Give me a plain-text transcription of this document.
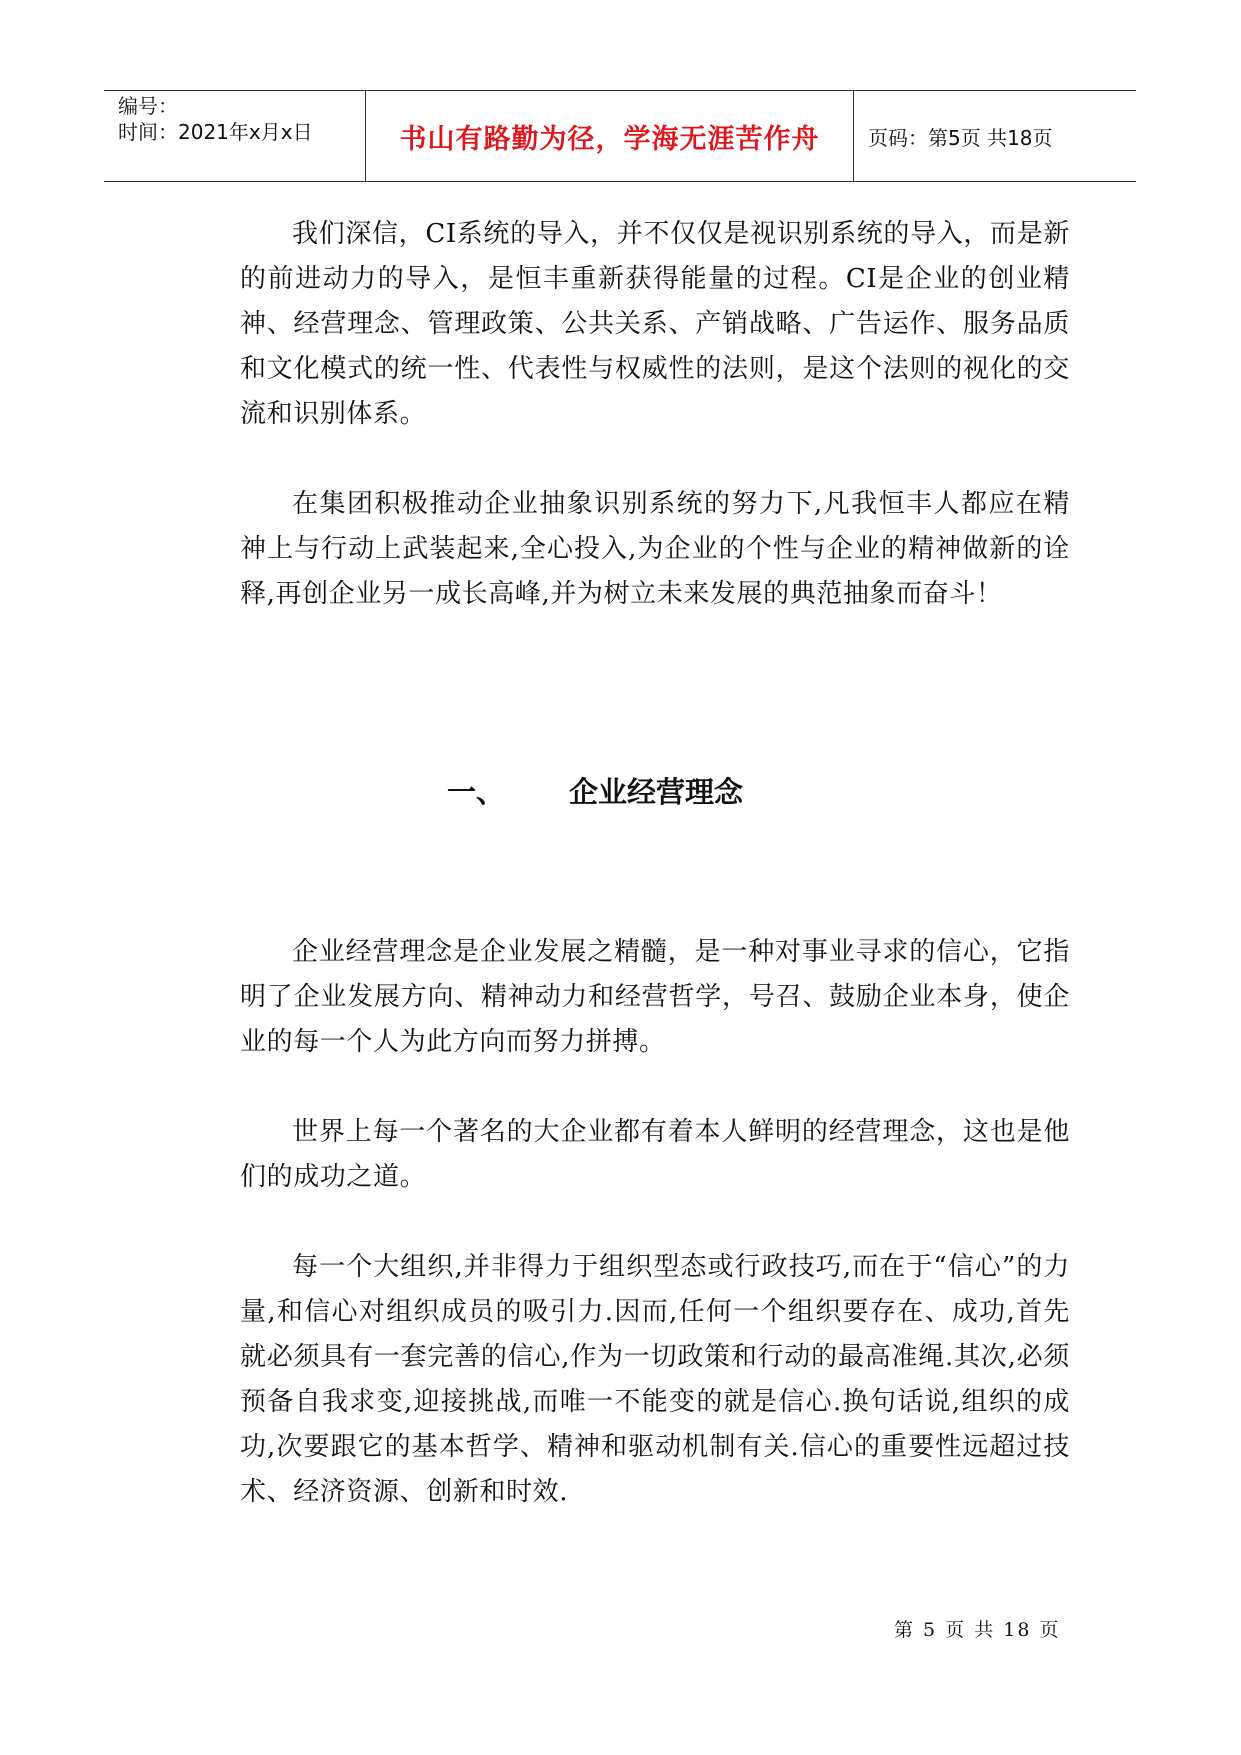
编号：
时间：2021年x月x日	书山有路勤为径，学海无涯苦作舟	页码：第5页 共18页

我们深信，CI系统的导入，并不仅仅是视识别系统的导入，而是新的前进动力的导入，是恒丰重新获得能量的过程。CI是企业的创业精神、经营理念、管理政策、公共关系、产销战略、广告运作、服务品质和文化模式的统一性、代表性与权威性的法则，是这个法则的视化的交流和识别体系。

在集团积极推动企业抽象识别系统的努力下,凡我恒丰人都应在精神上与行动上武装起来,全心投入,为企业的个性与企业的精神做新的诠释,再创企业另一成长高峰,并为树立未来发展的典范抽象而奋斗！

一、 企业经营理念

企业经营理念是企业发展之精髓，是一种对事业寻求的信心，它指明了企业发展方向、精神动力和经营哲学，号召、鼓励企业本身，使企业的每一个人为此方向而努力拼搏。

世界上每一个著名的大企业都有着本人鲜明的经营理念，这也是他们的成功之道。

每一个大组织,并非得力于组织型态或行政技巧,而在于“信心”的力量,和信心对组织成员的吸引力.因而,任何一个组织要存在、成功,首先就必须具有一套完善的信心,作为一切政策和行动的最高准绳.其次,必须预备自我求变,迎接挑战,而唯一不能变的就是信心.换句话说,组织的成功,次要跟它的基本哲学、精神和驱动机制有关.信心的重要性远超过技术、经济资源、创新和时效.

第 5 页 共 18 页
